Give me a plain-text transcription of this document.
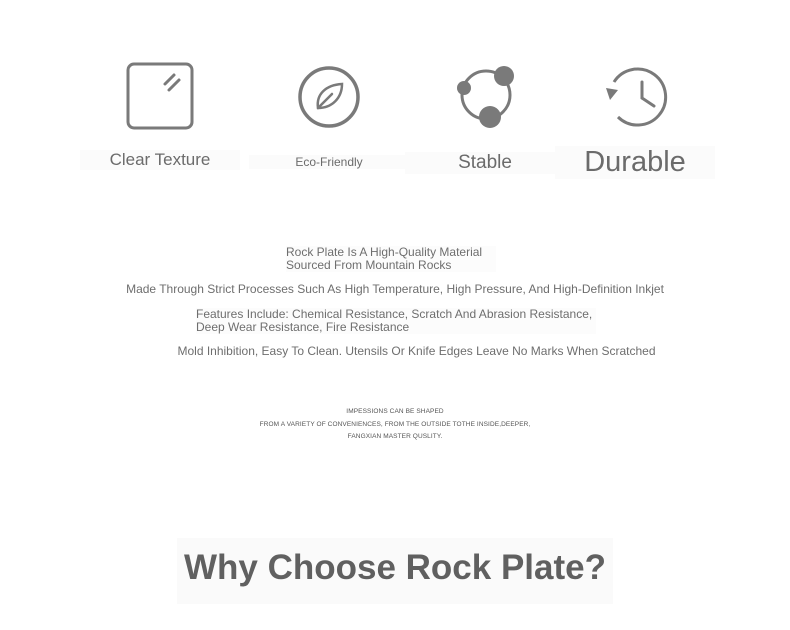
Clear Texture	Eco-Friendly	Stable	Durable
Rock Plate Is A High-Quality Material
Sourced From Mountain Rocks
Made Through Strict Processes Such As High Temperature, High Pressure, And High-Definition Inkjet
Features Include: Chemical Resistance, Scratch And Abrasion Resistance,
Deep Wear Resistance, Fire Resistance
Mold Inhibition, Easy To Clean. Utensils Or Knife Edges Leave No Marks When Scratched
IMPESSIONS CAN BE SHAPED
FROM A VARIETY OF CONVENIENCES, FROM THE OUTSIDE TOTHE INSIDE,DEEPER,
FANGXIAN MASTER QUSLITY.
Why Choose Rock Plate?
